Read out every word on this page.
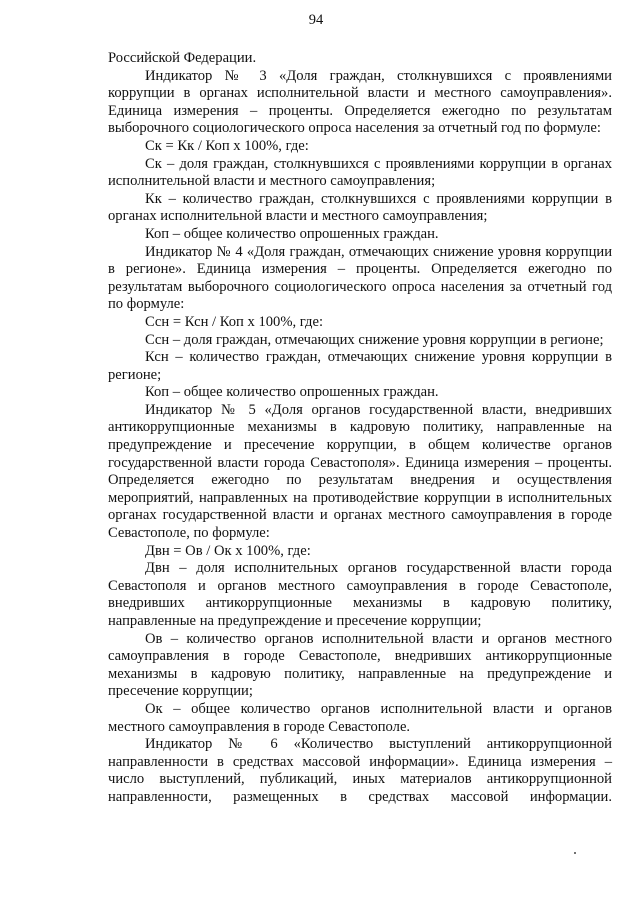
94

Российской Федерации.

Индикатор № 3 «Доля граждан, столкнувшихся с проявлениями коррупции в органах исполнительной власти и местного самоуправления». Единица измерения – проценты. Определяется ежегодно по результатам выборочного социологического опроса населения за отчетный год по формуле:

Ск = Кк / Коп х 100%, где:

Ск – доля граждан, столкнувшихся с проявлениями коррупции в органах исполнительной власти и местного самоуправления;

Кк – количество граждан, столкнувшихся с проявлениями коррупции в органах исполнительной власти и местного самоуправления;

Коп – общее количество опрошенных граждан.

Индикатор № 4 «Доля граждан, отмечающих снижение уровня коррупции в регионе». Единица измерения – проценты. Определяется ежегодно по результатам выборочного социологического опроса населения за отчетный год по формуле:

Ссн = Ксн / Коп х 100%, где:

Ссн – доля граждан, отмечающих снижение уровня коррупции в регионе;

Ксн – количество граждан, отмечающих снижение уровня коррупции в регионе;

Коп – общее количество опрошенных граждан.

Индикатор № 5 «Доля органов государственной власти, внедривших антикоррупционные механизмы в кадровую политику, направленные на предупреждение и пресечение коррупции, в общем количестве органов государственной власти города Севастополя». Единица измерения – проценты. Определяется ежегодно по результатам внедрения и осуществления мероприятий, направленных на противодействие коррупции в исполнительных органах государственной власти и органах местного самоуправления в городе Севастополе, по формуле:

Двн = Ов / Ок х 100%, где:

Двн – доля исполнительных органов государственной власти города Севастополя и органов местного самоуправления в городе Севастополе, внедривших антикоррупционные механизмы в кадровую политику, направленные на предупреждение и пресечение коррупции;

Ов – количество органов исполнительной власти и органов местного самоуправления в городе Севастополе, внедривших антикоррупционные механизмы в кадровую политику, направленные на предупреждение и пресечение коррупции;

Ок – общее количество органов исполнительной власти и органов местного самоуправления в городе Севастополе.

Индикатор № 6 «Количество выступлений антикоррупционной направленности в средствах массовой информации». Единица измерения – число выступлений, публикаций, иных материалов антикоррупционной направленности, размещенных в средствах массовой информации.
